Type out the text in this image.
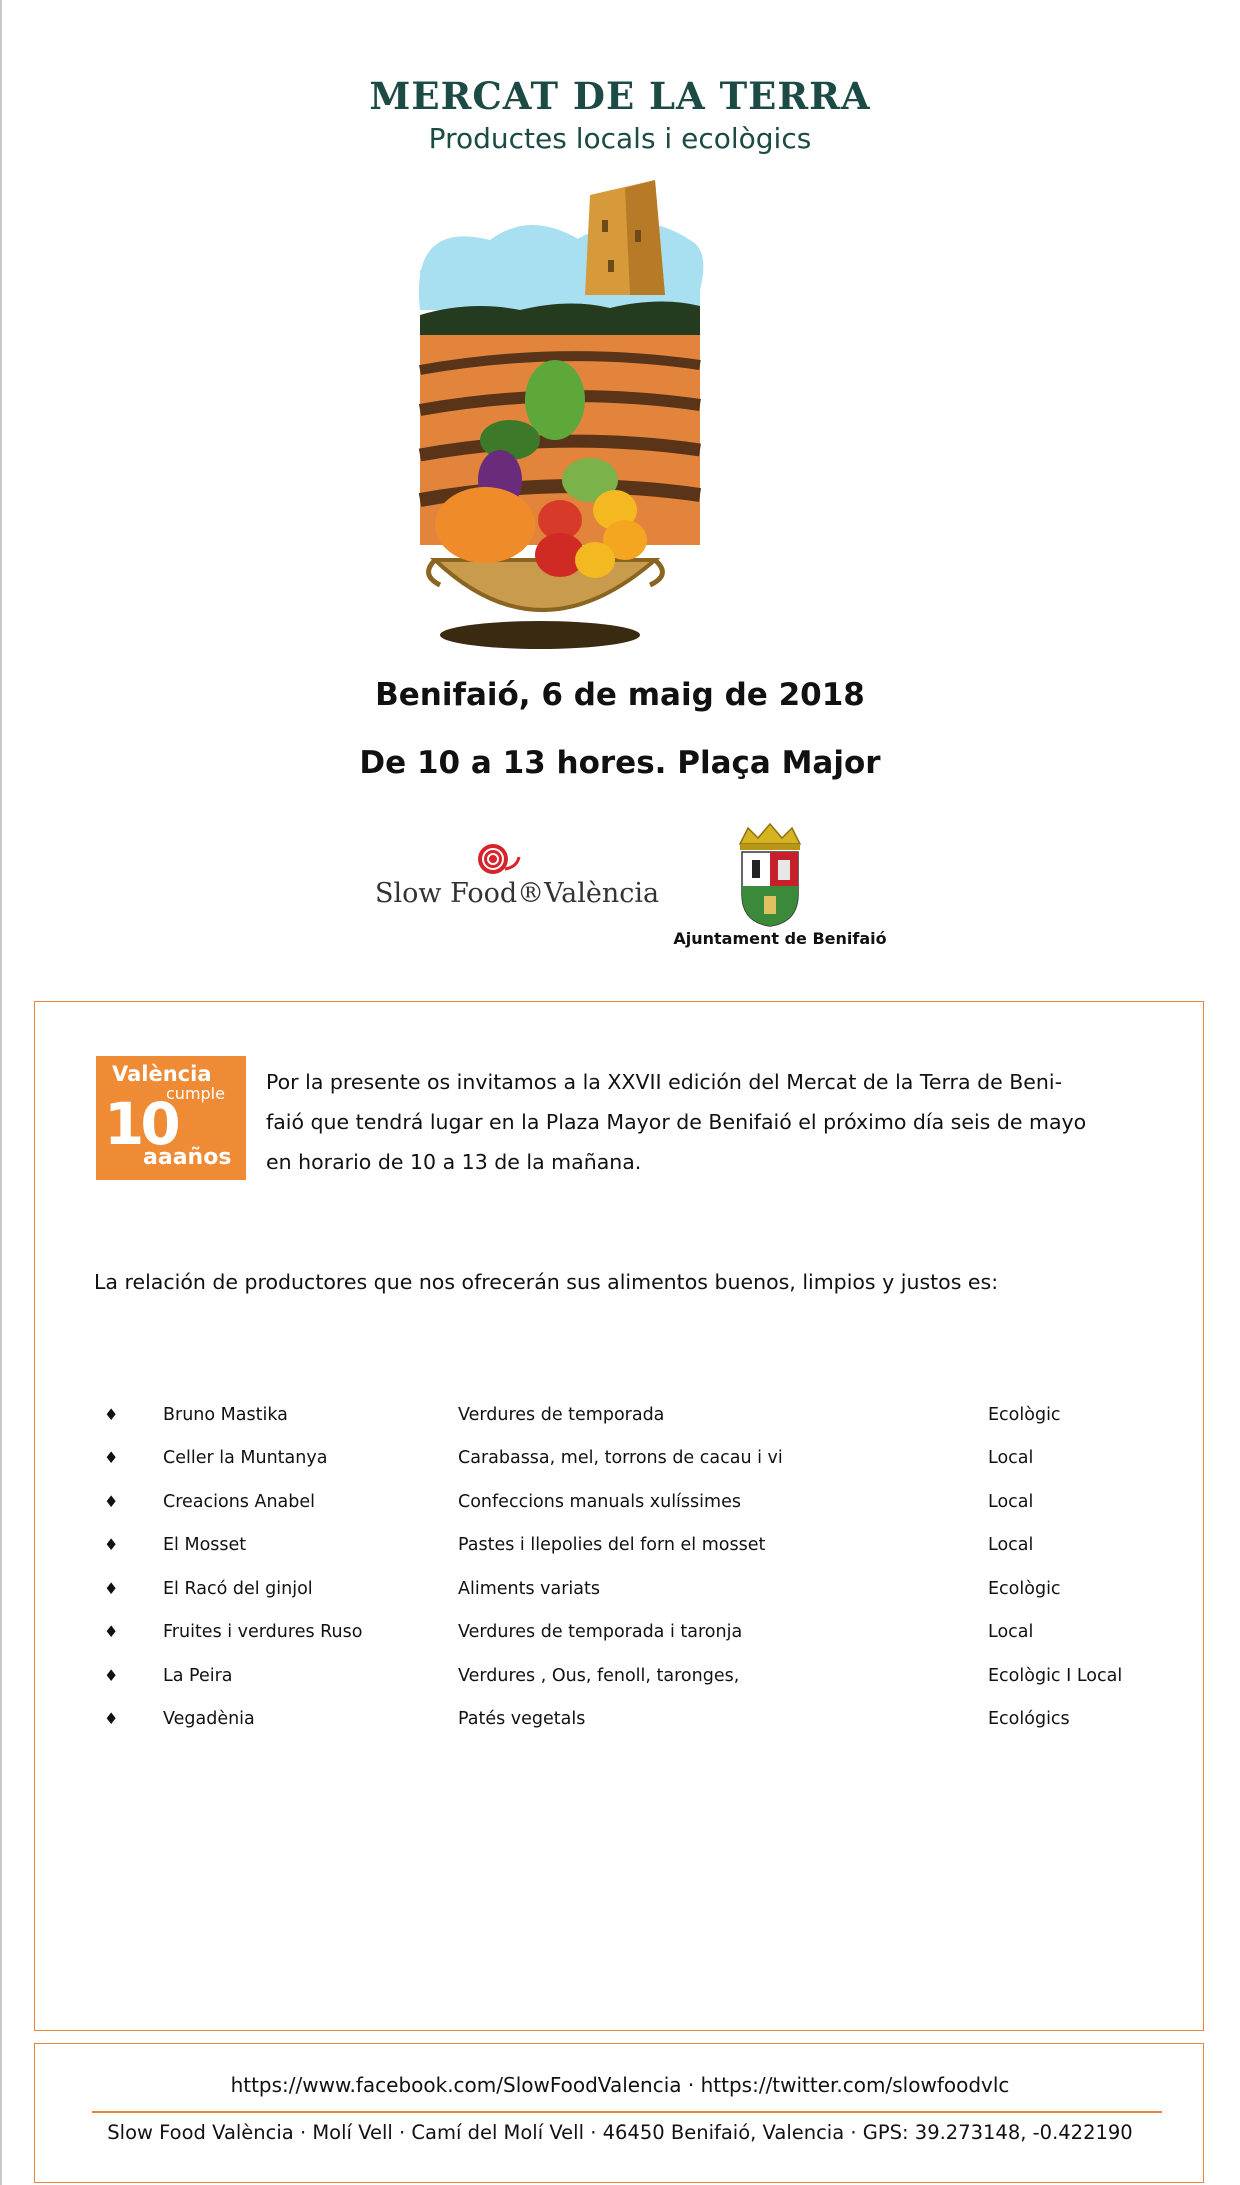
MERCAT DE LA TERRA
Productes locals i ecològics
Benifaió, 6 de maig de 2018
De 10 a 13 hores. Plaça Major
Slow Food®València
Ajuntament de Benifaió
València
cumple
10
aaaños
Por la presente os invitamos a la XXVII edición del Mercat de la Terra de Beni-
faió que tendrá lugar en la Plaza Mayor de Benifaió el próximo día seis de mayo
en horario de 10 a 13 de la mañana.
La relación de productores que nos ofrecerán sus alimentos buenos, limpios y justos es:
♦	Bruno Mastika	Verdures de temporada	Ecològic
♦	Celler la Muntanya	Carabassa, mel, torrons de cacau i vi	Local
♦	Creacions Anabel	Confeccions manuals xulíssimes	Local
♦	El Mosset	Pastes i llepolies del forn el mosset	Local
♦	El Racó del ginjol	Aliments variats	Ecològic
♦	Fruites i verdures Ruso	Verdures de temporada i taronja	Local
♦	La Peira	Verdures , Ous, fenoll, taronges,	Ecològic I Local
♦	Vegadènia	Patés vegetals	Ecológics
https://www.facebook.com/SlowFoodValencia · https://twitter.com/slowfoodvlc
Slow Food València · Molí Vell · Camí del Molí Vell · 46450 Benifaió, Valencia · GPS: 39.273148, -0.422190
